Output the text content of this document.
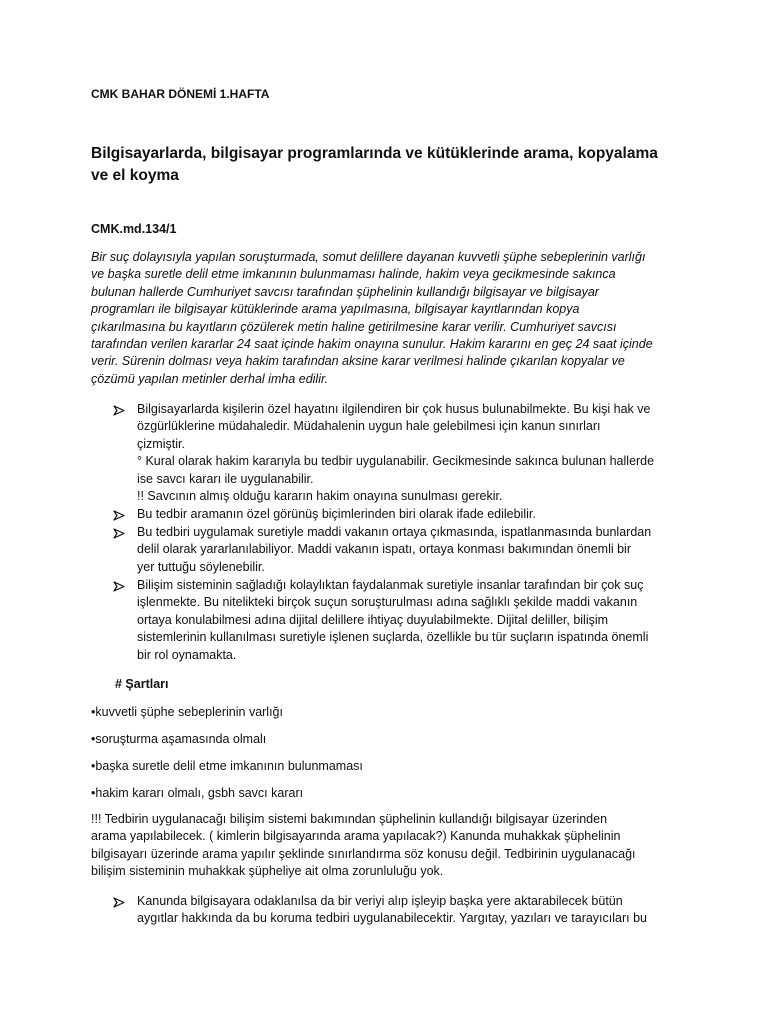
CMK BAHAR DÖNEMİ 1.HAFTA
Bilgisayarlarda, bilgisayar programlarında ve kütüklerinde arama, kopyalama
ve el koyma
CMK.md.134/1
Bir suç dolayısıyla yapılan soruşturmada, somut delillere dayanan kuvvetli şüphe sebeplerinin varlığı
ve başka suretle delil etme imkanının bulunmaması halinde, hakim veya gecikmesinde sakınca
bulunan hallerde Cumhuriyet savcısı tarafından şüphelinin kullandığı bilgisayar ve bilgisayar
programları ile bilgisayar kütüklerinde arama yapılmasına, bilgisayar kayıtlarından kopya
çıkarılmasına bu kayıtların çözülerek metin haline getirilmesine karar verilir. Cumhuriyet savcısı
tarafından verilen kararlar 24 saat içinde hakim onayına sunulur. Hakim kararını en geç 24 saat içinde
verir. Sürenin dolması veya hakim tarafından aksine karar verilmesi halinde çıkarılan kopyalar ve
çözümü yapılan metinler derhal imha edilir.
Bilgisayarlarda kişilerin özel hayatını ilgilendiren bir çok husus bulunabilmekte. Bu kişi hak ve
özgürlüklerine müdahaledir. Müdahalenin uygun hale gelebilmesi için kanun sınırları
çizmiştir.
° Kural olarak hakim kararıyla bu tedbir uygulanabilir. Gecikmesinde sakınca bulunan hallerde
ise savcı kararı ile uygulanabilir.
!! Savcının almış olduğu kararın hakim onayına sunulması gerekir.
Bu tedbir aramanın özel görünüş biçimlerinden biri olarak ifade edilebilir.
Bu tedbiri uygulamak suretiyle maddi vakanın ortaya çıkmasında, ispatlanmasında bunlardan
delil olarak yararlanılabiliyor. Maddi vakanın ispatı, ortaya konması bakımından önemli bir
yer tuttuğu söylenebilir.
Bilişim sisteminin sağladığı kolaylıktan faydalanmak suretiyle insanlar tarafından bir çok suç
işlenmekte. Bu nitelikteki birçok suçun soruşturulması adına sağlıklı şekilde maddi vakanın
ortaya konulabilmesi adına dijital delillere ihtiyaç duyulabilmekte. Dijital deliller, bilişim
sistemlerinin kullanılması suretiyle işlenen suçlarda, özellikle bu tür suçların ispatında önemli
bir rol oynamakta.
# Şartları
•kuvvetli şüphe sebeplerinin varlığı
•soruşturma aşamasında olmalı
•başka suretle delil etme imkanının bulunmaması
•hakim kararı olmalı, gsbh savcı kararı
!!! Tedbirin uygulanacağı bilişim sistemi bakımından şüphelinin kullandığı bilgisayar üzerinden
arama yapılabilecek. ( kimlerin bilgisayarında arama yapılacak?) Kanunda muhakkak şüphelinin
bilgisayarı üzerinde arama yapılır şeklinde sınırlandırma söz konusu değil. Tedbirinin uygulanacağı
bilişim sisteminin muhakkak şüpheliye ait olma zorunluluğu yok.
Kanunda bilgisayara odaklanılsa da bir veriyi alıp işleyip başka yere aktarabilecek bütün
aygıtlar hakkında da bu koruma tedbiri uygulanabilecektir. Yargıtay, yazıları ve tarayıcıları bu
